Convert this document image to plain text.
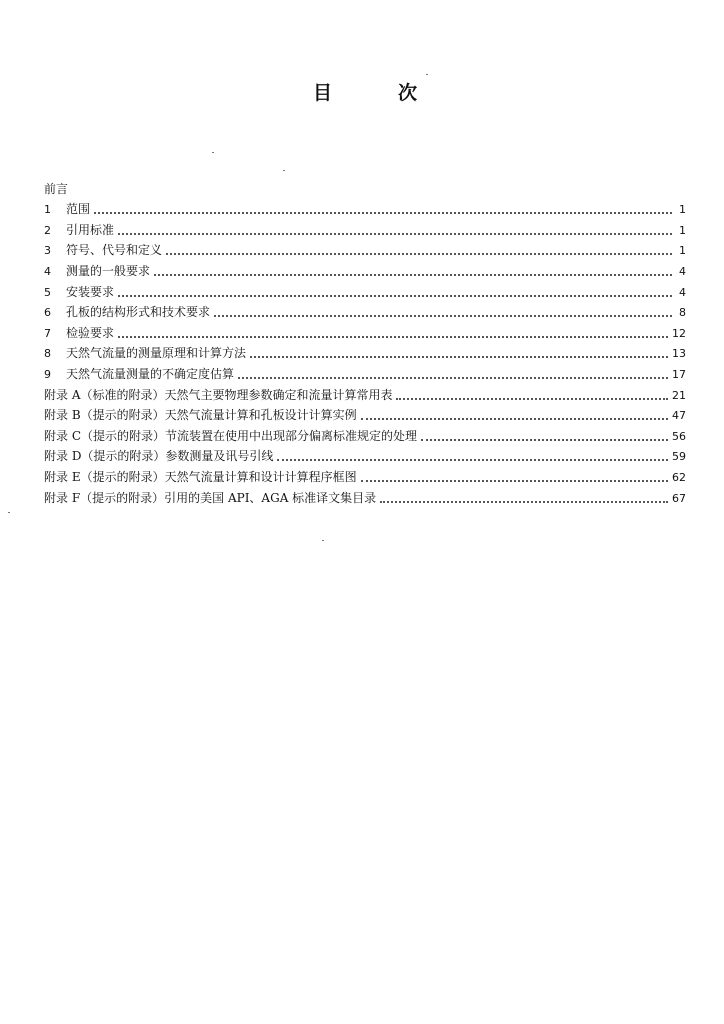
目	次
前言
1	范围	1
2	引用标准	1
3	符号、代号和定义	1
4	测量的一般要求	4
5	安装要求	4
6	孔板的结构形式和技术要求	8
7	检验要求	12
8	天然气流量的测量原理和计算方法	13
9	天然气流量测量的不确定度估算	17
附录 A（标准的附录）天然气主要物理参数确定和流量计算常用表	21
附录 B（提示的附录）天然气流量计算和孔板设计计算实例	47
附录 C（提示的附录）节流装置在使用中出现部分偏离标准规定的处理	56
附录 D（提示的附录）参数测量及讯号引线	59
附录 E（提示的附录）天然气流量计算和设计计算程序框图	62
附录 F（提示的附录）引用的美国 API、AGA 标准译文集目录	67
